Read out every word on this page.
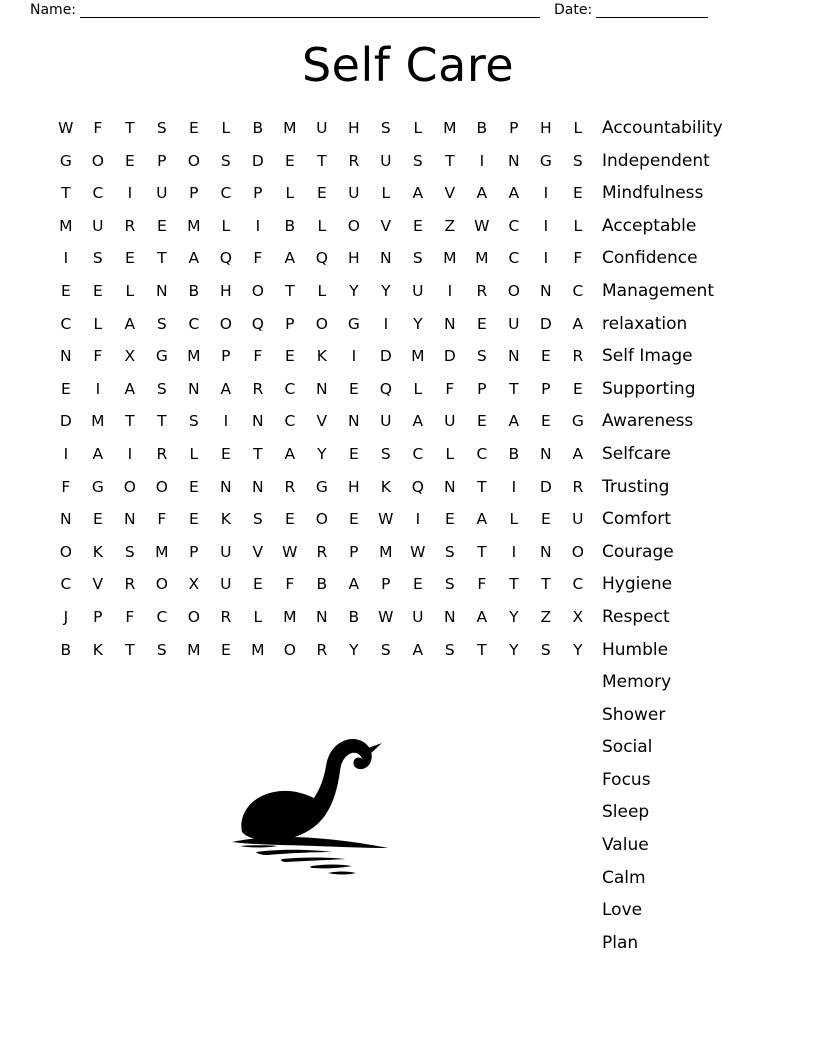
Name:	Date:
Self Care
W	F	T	S	E	L	B	M	U	H	S	L	M	B	P	H	L
G	O	E	P	O	S	D	E	T	R	U	S	T	I	N	G	S
T	C	I	U	P	C	P	L	E	U	L	A	V	A	A	I	E
M	U	R	E	M	L	I	B	L	O	V	E	Z	W	C	I	L
I	S	E	T	A	Q	F	A	Q	H	N	S	M	M	C	I	F
E	E	L	N	B	H	O	T	L	Y	Y	U	I	R	O	N	C
C	L	A	S	C	O	Q	P	O	G	I	Y	N	E	U	D	A
N	F	X	G	M	P	F	E	K	I	D	M	D	S	N	E	R
E	I	A	S	N	A	R	C	N	E	Q	L	F	P	T	P	E
D	M	T	T	S	I	N	C	V	N	U	A	U	E	A	E	G
I	A	I	R	L	E	T	A	Y	E	S	C	L	C	B	N	A
F	G	O	O	E	N	N	R	G	H	K	Q	N	T	I	D	R
N	E	N	F	E	K	S	E	O	E	W	I	E	A	L	E	U
O	K	S	M	P	U	V	W	R	P	M	W	S	T	I	N	O
C	V	R	O	X	U	E	F	B	A	P	E	S	F	T	T	C
J	P	F	C	O	R	L	M	N	B	W	U	N	A	Y	Z	X
B	K	T	S	M	E	M	O	R	Y	S	A	S	T	Y	S	Y
Accountability
Independent
Mindfulness
Acceptable
Confidence
Management
relaxation
Self Image
Supporting
Awareness
Selfcare
Trusting
Comfort
Courage
Hygiene
Respect
Humble
Memory
Shower
Social
Focus
Sleep
Value
Calm
Love
Plan
